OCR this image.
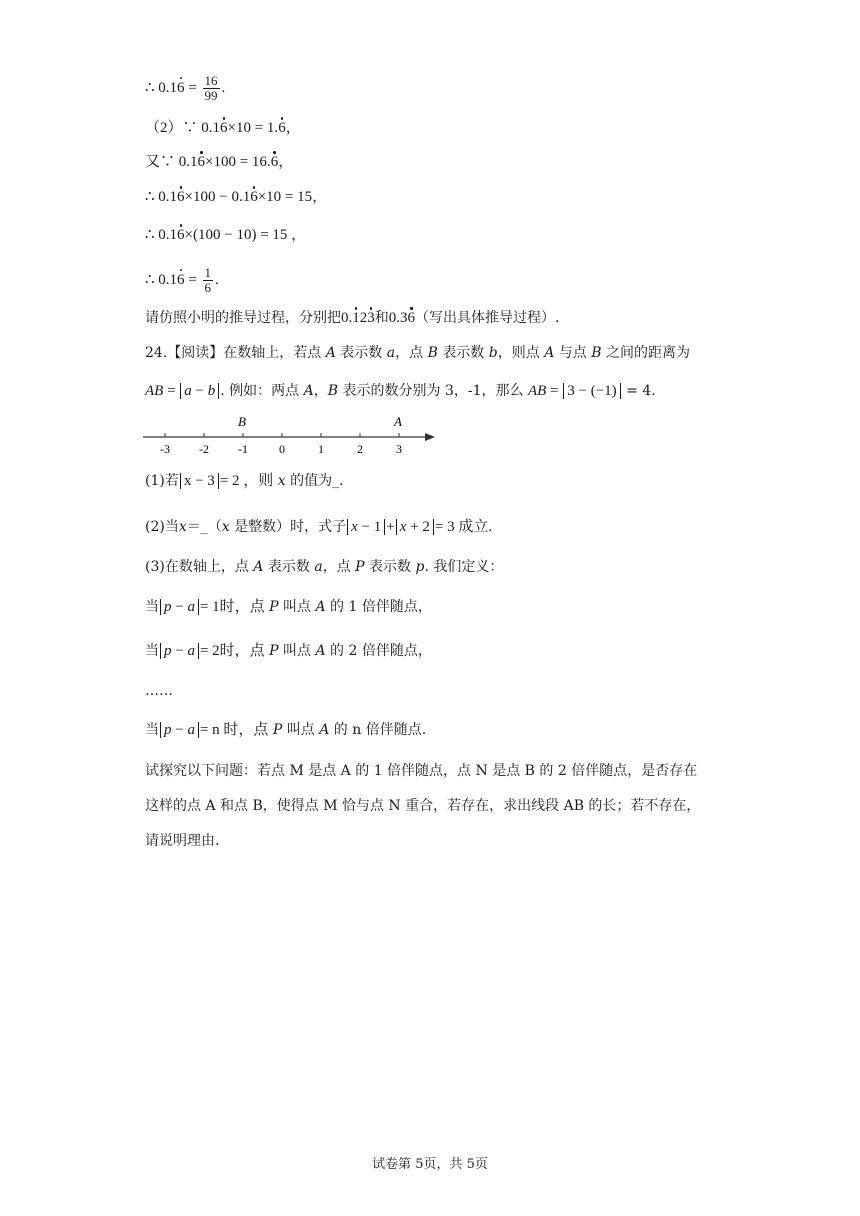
∴ $0.16 = \frac{16}{99}$ .
（2）∵ 0.16×10 = 1.6，
又∵ 0.16×100 = 16.6，
∴ 0.16×100 − 0.16×10 = 15，
∴ 0.16×(100 − 10) = 15 ，
∴ $0.16 = \frac{1}{6}$ .
请仿照小明的推导过程，分别把0.123和0.36（写出具体推导过程）.
24.【阅读】在数轴上，若点 A 表示数 a，点 B 表示数 b，则点 A 与点 B 之间的距离为
AB = a − b . 例如：两点 A，B 表示的数分别为 3，-1，那么 AB = 3 − (−1) = 4.
-3 -2 -1	0	1	2	3
B	A
(1)若 x − 3 = 2 ，则 x 的值为_.
(2)当x＝_（x 是整数）时，式子 x − 1 + x + 2 = 3 成立.
(3)在数轴上，点 A 表示数 a，点 P 表示数 p. 我们定义：
当 p − a = 1时，点 P 叫点 A 的 1 倍伴随点，
当 p − a = 2时，点 P 叫点 A 的 2 倍伴随点，
……
当 p − a = n 时，点 P 叫点 A 的 n 倍伴随点.
试探究以下问题：若点 M 是点 A 的 1 倍伴随点，点 N 是点 B 的 2 倍伴随点，是否存在
这样的点 A 和点 B，使得点 M 恰与点 N 重合，若存在，求出线段 AB 的长；若不存在，
请说明理由.
试卷第 5页，共 5页
